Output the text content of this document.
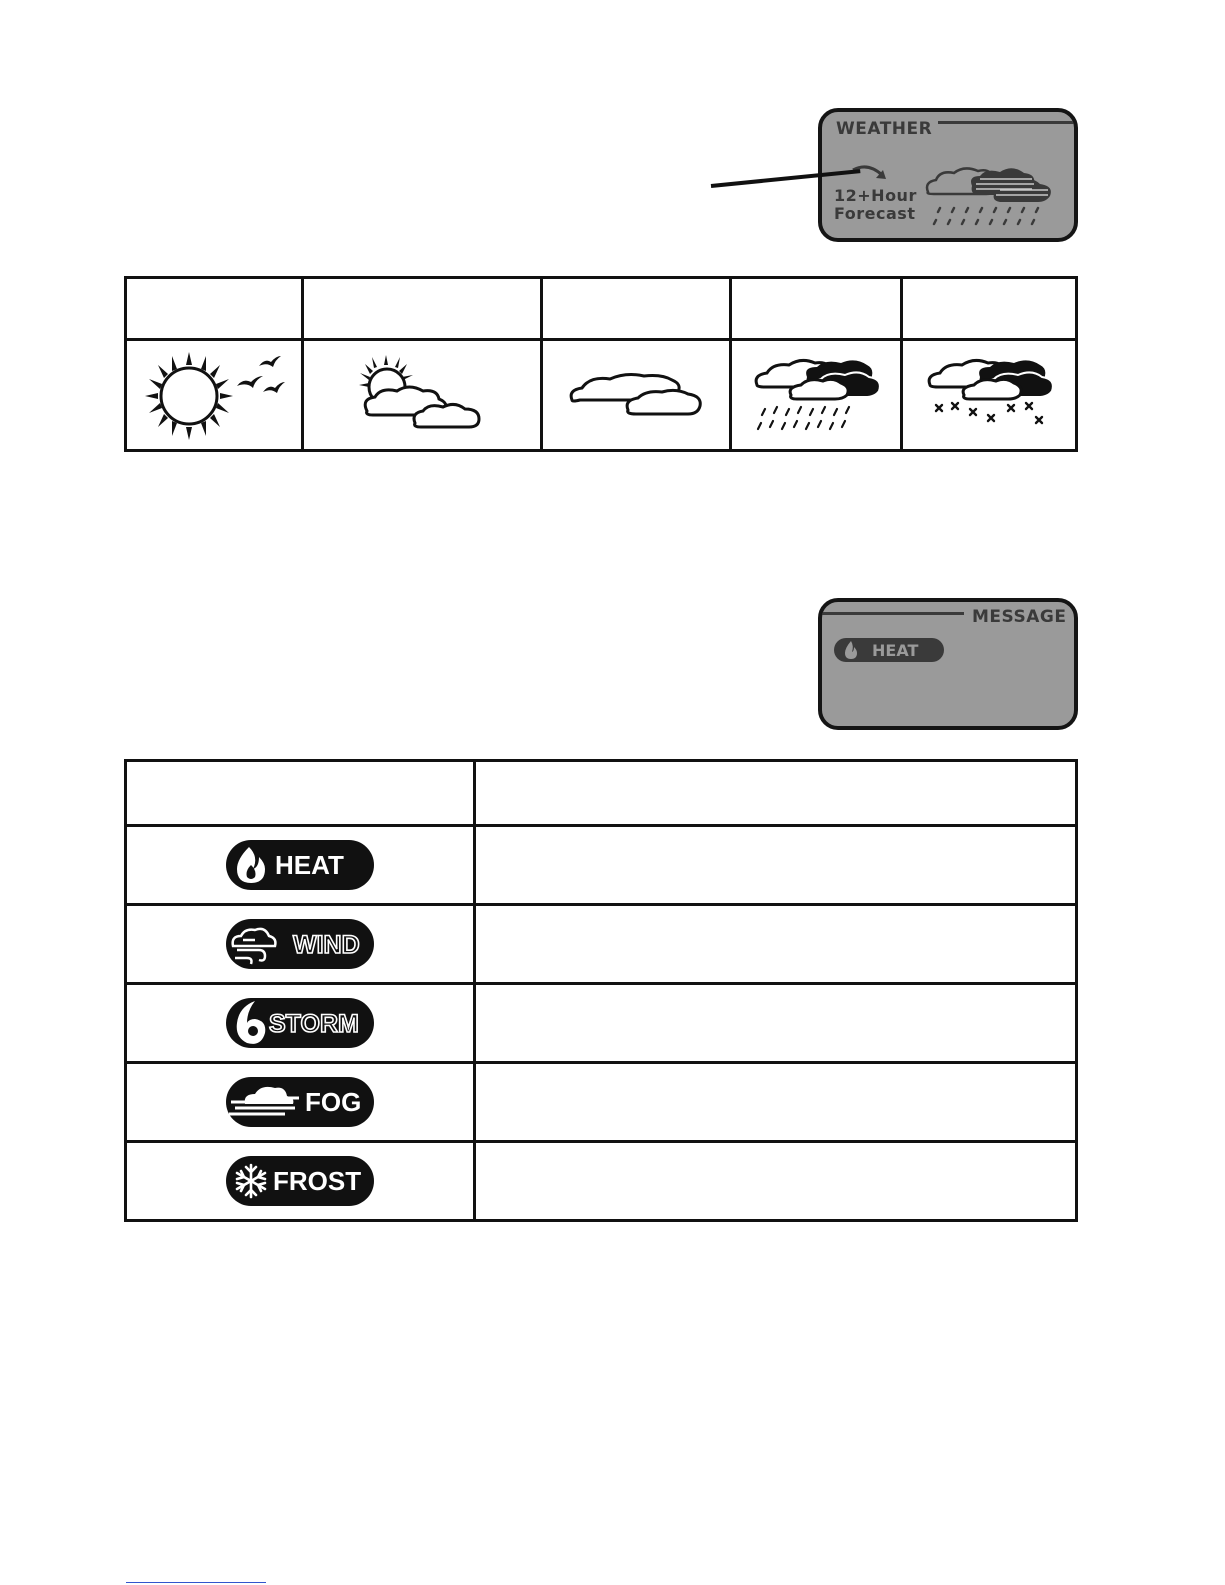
WEATHER
12+Hour
Forecast

MESSAGE
HEAT

HEAT	

WIND	

STORM	

FOG	

FROST	
